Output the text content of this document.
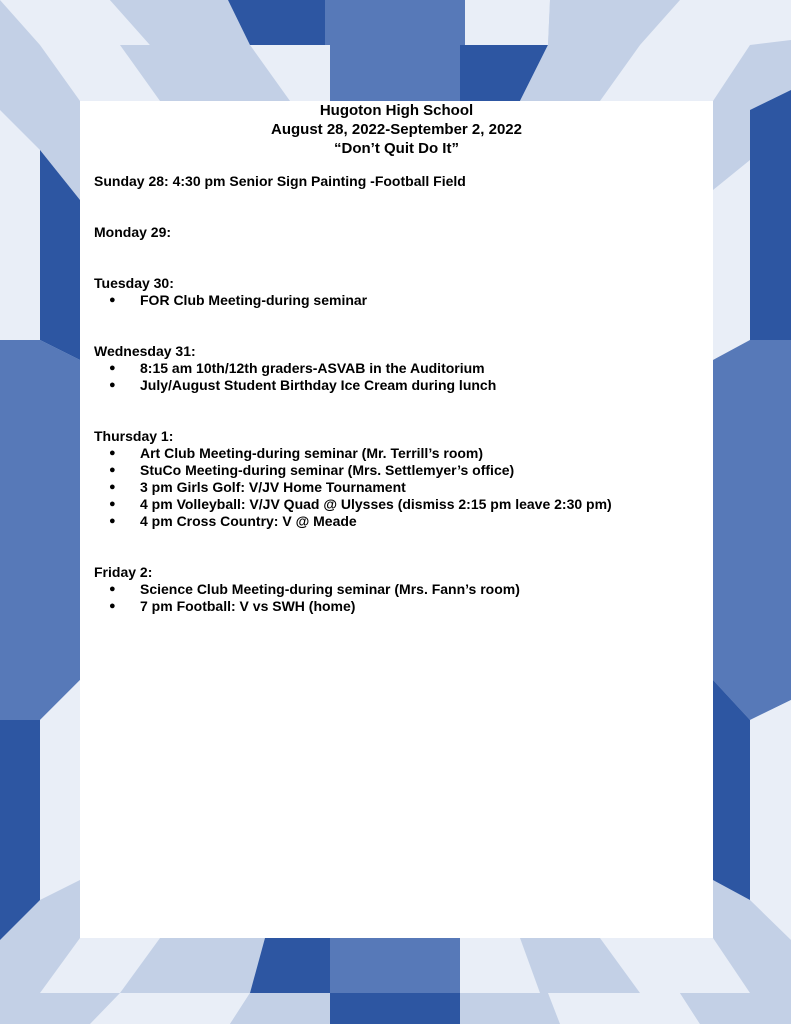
Hugoton High School
August 28, 2022-September 2, 2022
“Don’t Quit Do It”
Sunday 28: 4:30 pm Senior Sign Painting -Football Field
Monday 29:
Tuesday 30:
● FOR Club Meeting-during seminar
Wednesday 31:
● 8:15 am 10th/12th graders-ASVAB in the Auditorium
● July/August Student Birthday Ice Cream during lunch
Thursday 1:
● Art Club Meeting-during seminar (Mr. Terrill’s room)
● StuCo Meeting-during seminar (Mrs. Settlemyer’s office)
● 3 pm Girls Golf: V/JV Home Tournament
● 4 pm Volleyball: V/JV Quad @ Ulysses (dismiss 2:15 pm leave 2:30 pm)
● 4 pm Cross Country: V @ Meade
Friday 2:
● Science Club Meeting-during seminar (Mrs. Fann’s room)
● 7 pm Football: V vs SWH (home)
